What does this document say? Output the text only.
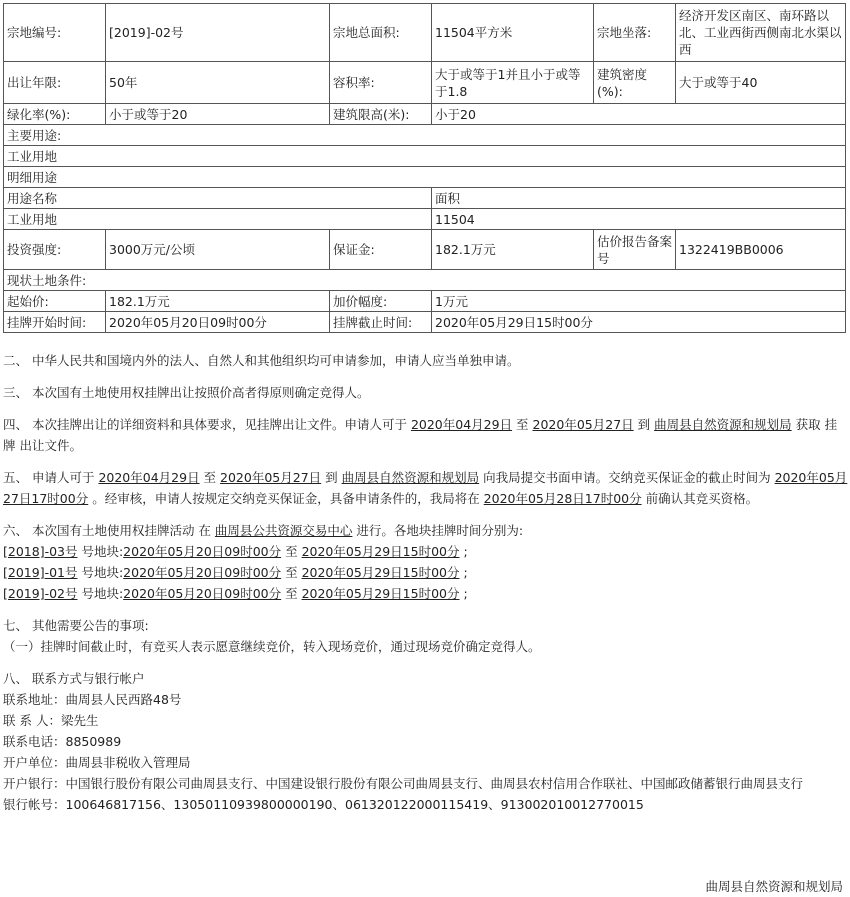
宗地编号:	[2019]-02号	宗地总面积:	11504平方米	宗地坐落:	经济开发区南区、南环路以北、工业西街西侧南北水渠以西
出让年限:	50年	容积率:	大于或等于1并且小于或等于1.8	建筑密度(%):	大于或等于40
绿化率(%):	小于或等于20	建筑限高(米):	小于20		
主要用途:					
工业用地					
明细用途					
用途名称			面积		
工业用地			11504		
投资强度:	3000万元/公顷	保证金:	182.1万元	估价报告备案号	1322419BB0006
现状土地条件:					
起始价:	182.1万元	加价幅度:	1万元		
挂牌开始时间:	2020年05月20日09时00分	挂牌截止时间:	2020年05月29日15时00分		

二、 中华人民共和国境内外的法人、自然人和其他组织均可申请参加，申请人应当单独申请。

三、 本次国有土地使用权挂牌出让按照价高者得原则确定竞得人。

四、 本次挂牌出让的详细资料和具体要求，见挂牌出让文件。申请人可于 2020年04月29日 至 2020年05月27日 到 曲周县自然资源和规划局 获取 挂牌 出让文件。

五、 申请人可于 2020年04月29日 至 2020年05月27日 到 曲周县自然资源和规划局 向我局提交书面申请。交纳竞买保证金的截止时间为 2020年05月27日17时00分 。经审核，申请人按规定交纳竞买保证金，具备申请条件的，我局将在 2020年05月28日17时00分 前确认其竞买资格。

六、 本次国有土地使用权挂牌活动 在 曲周县公共资源交易中心 进行。各地块挂牌时间分别为:

[2018]-03号 号地块:2020年05月20日09时00分 至 2020年05月29日15时00分 ;

[2019]-01号 号地块:2020年05月20日09时00分 至 2020年05月29日15时00分 ;

[2019]-02号 号地块:2020年05月20日09时00分 至 2020年05月29日15时00分 ;

七、 其他需要公告的事项:

（一）挂牌时间截止时，有竞买人表示愿意继续竞价，转入现场竞价，通过现场竞价确定竞得人。

八、 联系方式与银行帐户

联系地址：曲周县人民西路48号

联 系 人：梁先生

联系电话：8850989

开户单位：曲周县非税收入管理局

开户银行：中国银行股份有限公司曲周县支行、中国建设银行股份有限公司曲周县支行、曲周县农村信用合作联社、中国邮政储蓄银行曲周县支行

银行帐号：100646817156、13050110939800000190、061320122000115419、913002010012770015

曲周县自然资源和规划局
